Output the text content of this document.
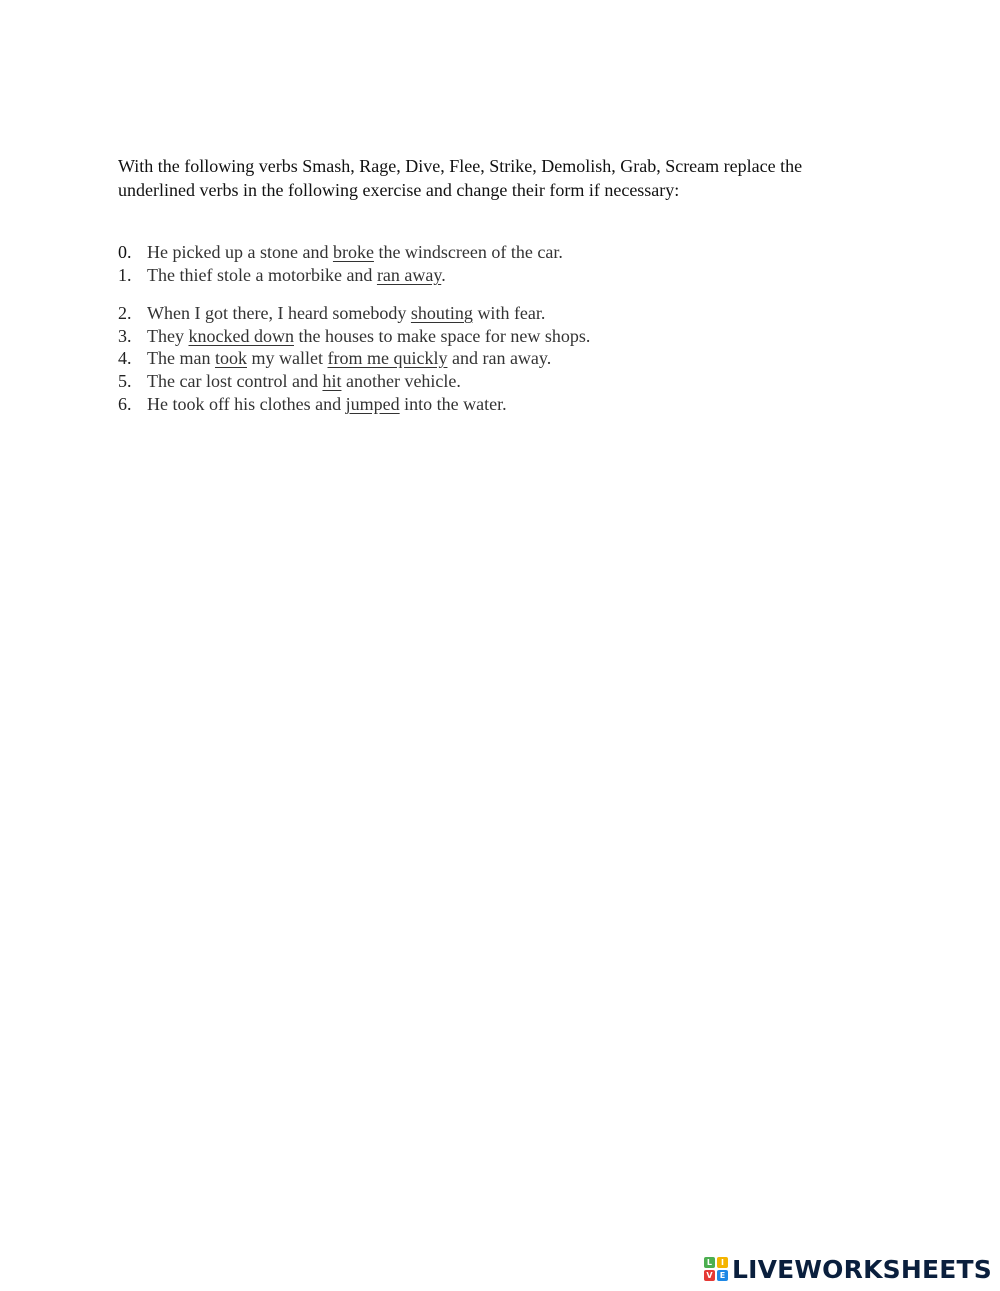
With the following verbs Smash, Rage, Dive, Flee, Strike, Demolish, Grab, Scream replace the underlined verbs in the following exercise and change their form if necessary:
0. He picked up a stone and broke the windscreen of the car.
1. The thief stole a motorbike and ran away.
2. When I got there, I heard somebody shouting with fear.
3. They knocked down the houses to make space for new shops.
4. The man took my wallet from me quickly and ran away.
5. The car lost control and hit another vehicle.
6. He took off his clothes and jumped into the water.
L	I
V E LIVEWORKSHEETS
